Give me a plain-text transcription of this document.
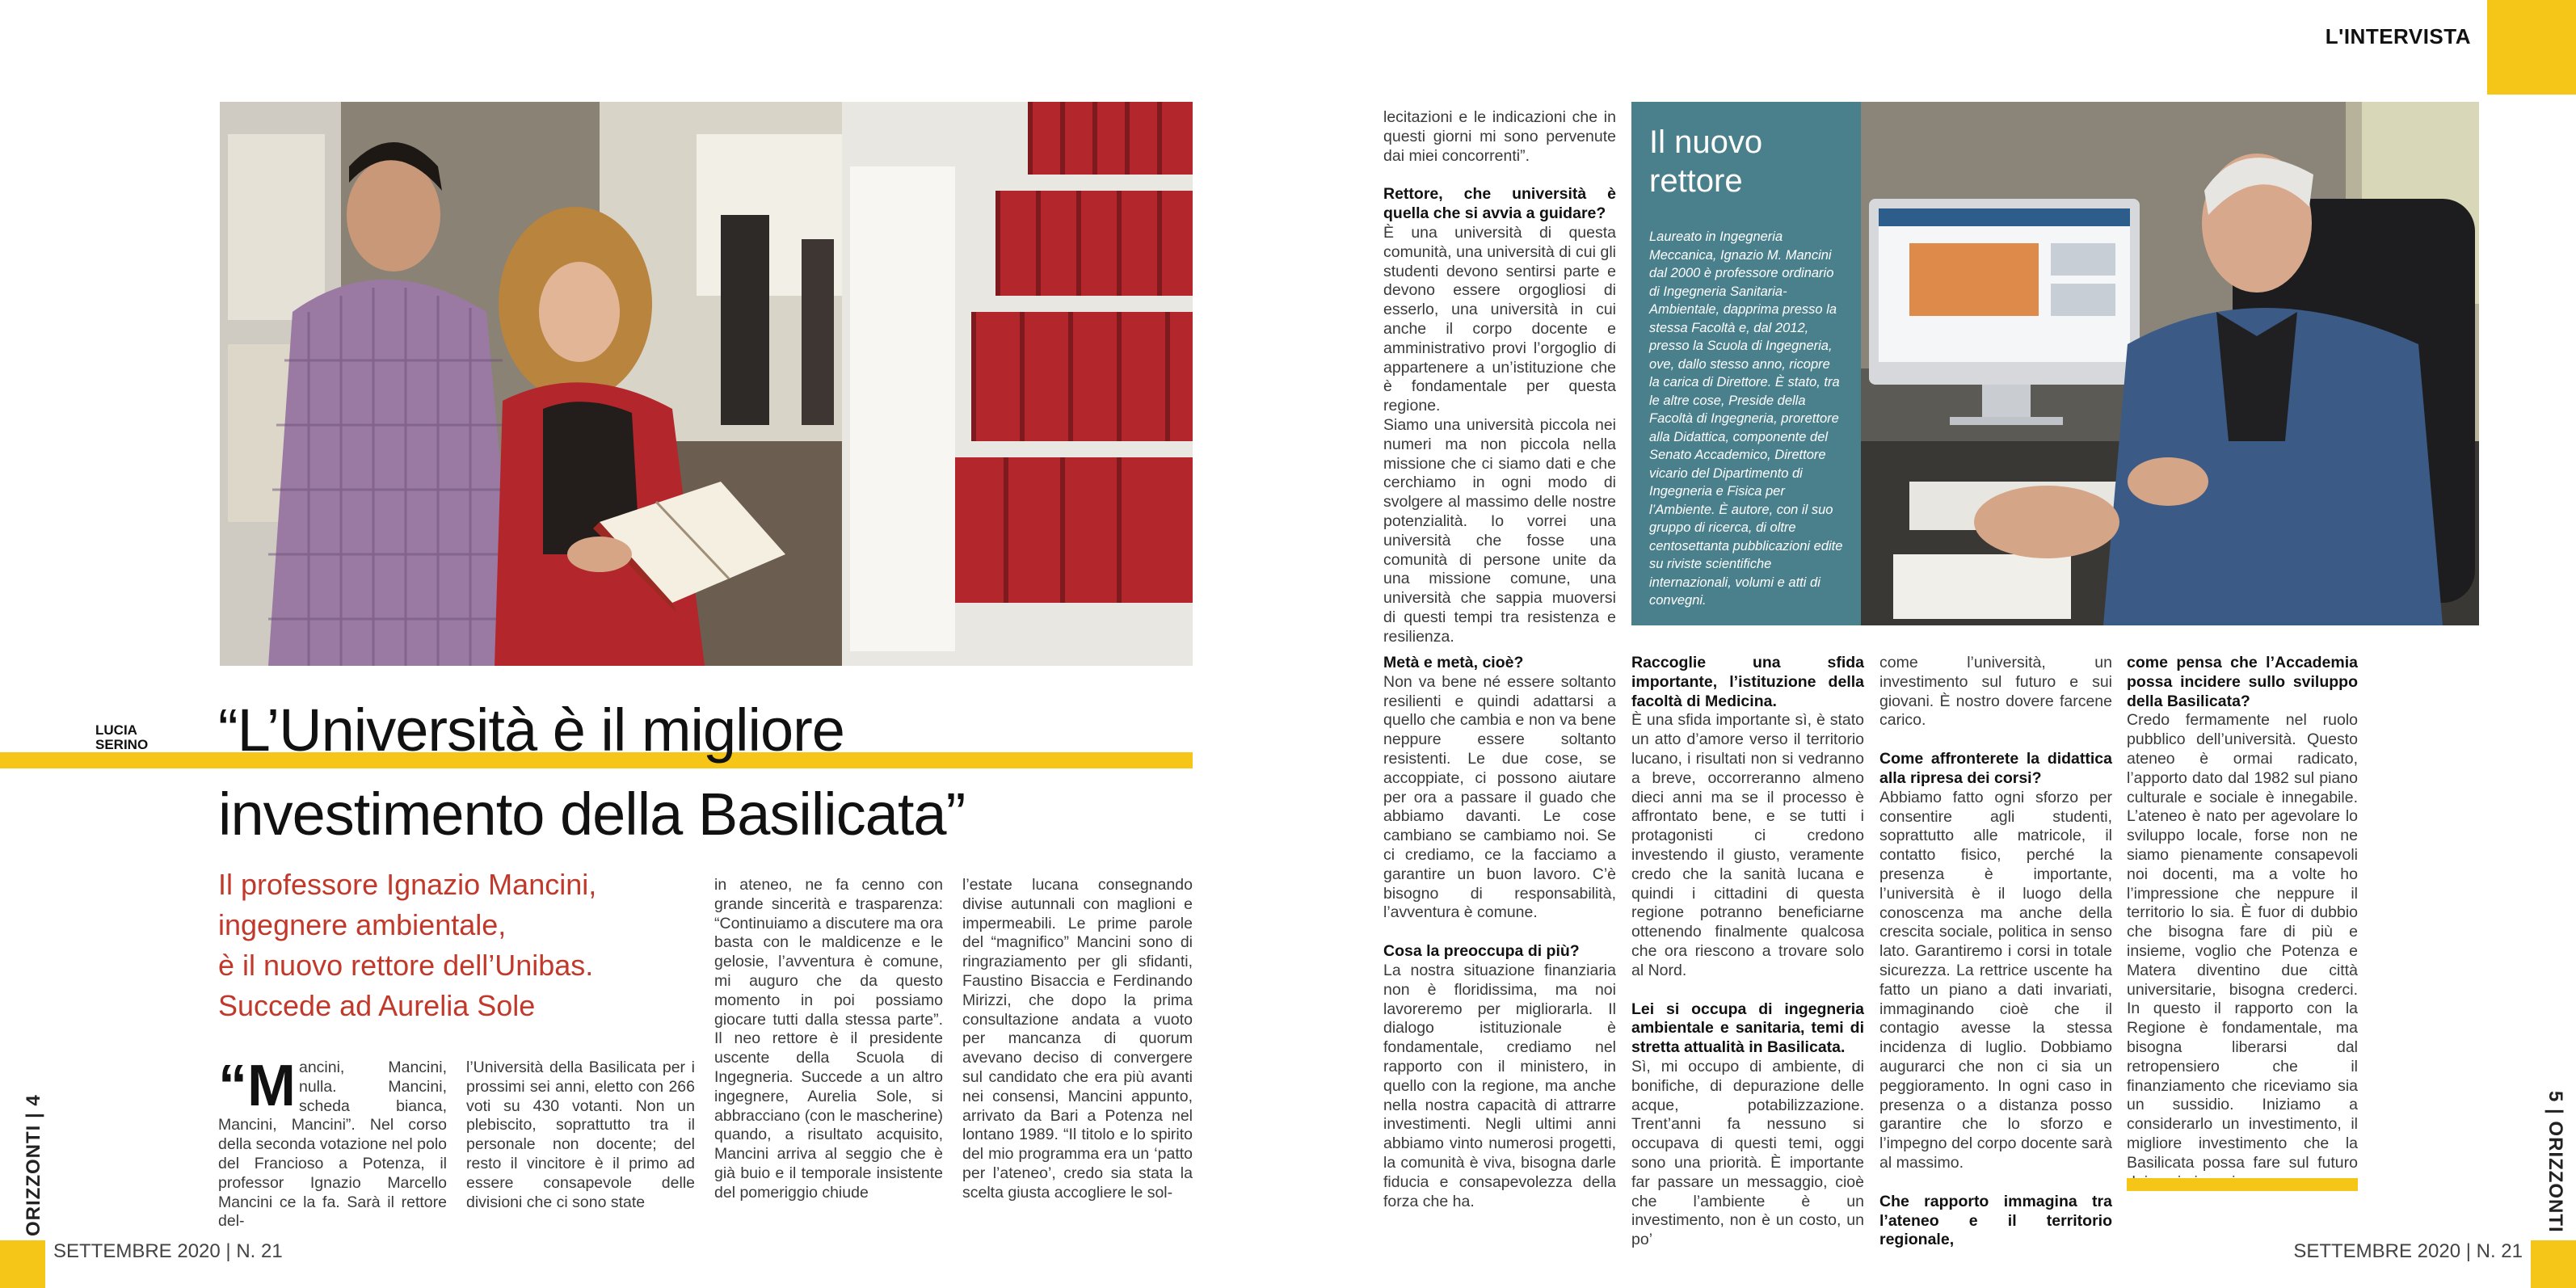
L'INTERVISTA
SETTEMBRE 2020 | N. 21	SETTEMBRE 2020 | N. 21
ORIZZONTI | 4	5 | ORIZZONTI
Il nuovo
rettore

Laureato in Ingegneria Meccanica, Ignazio M. Mancini dal 2000 è professore ordinario di Ingegneria Sanitaria-Ambientale, dapprima presso la stessa Facoltà e, dal 2012, presso la Scuola di Ingegneria, ove, dallo stesso anno, ricopre la carica di Direttore. È stato, tra le altre cose, Preside della Facoltà di Ingegneria, prorettore alla Didattica, componente del Senato Accademico, Direttore vicario del Dipartimento di Ingegneria e Fisica per l’Ambiente. È autore, con il suo gruppo di ricerca, di oltre centosettanta pubblicazioni edite su riviste scientifiche internazionali, volumi e atti di convegni.

LUCIA SERINO “L’Università è il migliore
investimento della Basilicata”
Il professore Ignazio Mancini,
ingegnere ambientale,
è il nuovo rettore dell’Unibas.
Succede ad Aurelia Sole
“M ancini, Mancini, nulla. Mancini, scheda bianca, Mancini, Mancini”. Nel corso della seconda votazione nel polo del Francioso a Potenza, il professor Ignazio Marcello Mancini ce la fa. Sarà il rettore del-
l’Università della Basilicata per i prossimi sei anni, eletto con 266 voti su 430 votanti. Non un plebiscito, soprattutto tra il personale non docente; del resto il vincitore è il primo ad essere consapevole delle divisioni che ci sono state
in ateneo, ne fa cenno con grande sincerità e trasparenza: “Continuiamo a discutere ma ora basta con le maldicenze e le gelosie, l’avventura è comune, mi auguro che da questo momento in poi possiamo giocare tutti dalla stessa parte”. Il neo rettore è il presidente uscente della Scuola di Ingegneria. Succede a un altro ingegnere, Aurelia Sole, si abbracciano (con le mascherine) quando, a risultato acquisito, Mancini arriva al seggio che è già buio e il temporale insistente del pomeriggio chiude
l’estate lucana consegnando divise autunnali con maglioni e impermeabili. Le prime parole del “magnifico” Mancini sono di ringraziamento per gli sfidanti, Faustino Bisaccia e Ferdinando Mirizzi, che dopo la prima consultazione andata a vuoto per mancanza di quorum avevano deciso di convergere sul candidato che era più avanti nei consensi, Mancini appunto, arrivato da Bari a Potenza nel lontano 1989. “Il titolo e lo spirito del mio programma era un ‘patto per l’ateneo’, credo sia stata la scelta giusta accogliere le sol-

lecitazioni e le indicazioni che in questi giorni mi sono pervenute dai miei concorrenti”.

Rettore, che università è quella che si avvia a guidare?

È una università di questa comunità, una università di cui gli studenti devono sentirsi parte e devono essere orgogliosi di esserlo, una università in cui anche il corpo docente e amministrativo provi l’orgoglio di appartenere a un’istituzione che è fondamentale per questa regione.

Siamo una università piccola nei numeri ma non piccola nella missione che ci siamo dati e che cerchiamo in ogni modo di svolgere al massimo delle nostre potenzialità. Io vorrei una università che fosse una comunità di persone unite da una missione comune, una università che sappia muoversi di questi tempi tra resistenza e resilienza.

Metà e metà, cioè?

Non va bene né essere soltanto resilienti e quindi adattarsi a quello che cambia e non va bene neppure essere soltanto resistenti. Le due cose, se accoppiate, ci possono aiutare per ora a passare il guado che abbiamo davanti. Le cose cambiano se cambiamo noi. Se ci crediamo, ce la facciamo a garantire un buon lavoro. C’è bisogno di responsabilità, l’avventura è comune.

Cosa la preoccupa di più?

La nostra situazione finanziaria non è floridissima, ma noi lavoreremo per migliorarla. Il dialogo istituzionale è fondamentale, crediamo nel rapporto con il ministero, in quello con la regione, ma anche nella nostra capacità di attrarre investimenti. Negli ultimi anni abbiamo vinto numerosi progetti, la comunità è viva, bisogna darle fiducia e consapevolezza della forza che ha.

Raccoglie una sfida importante, l’istituzione della facoltà di Medicina.

È una sfida importante sì, è stato un atto d’amore verso il territorio lucano, i risultati non si vedranno a breve, occorreranno almeno dieci anni ma se il processo è affrontato bene, e se tutti i protagonisti ci credono investendo il giusto, veramente credo che la sanità lucana e quindi i cittadini di questa regione potranno beneficiarne ottenendo finalmente qualcosa che ora riescono a trovare solo al Nord.

Lei si occupa di ingegneria ambientale e sanitaria, temi di stretta attualità in Basilicata.

Sì, mi occupo di ambiente, di bonifiche, di depurazione delle acque, potabilizzazione. Trent’anni fa nessuno si occupava di questi temi, oggi sono una priorità. È importante far passare un messaggio, cioè che l’ambiente è un investimento, non è un costo, un po’

come l’università, un investimento sul futuro e sui giovani. È nostro dovere farcene carico.

Come affronterete la didattica alla ripresa dei corsi?

Abbiamo fatto ogni sforzo per consentire agli studenti, soprattutto alle matricole, il contatto fisico, perché la presenza è importante, l’università è il luogo della conoscenza ma anche della crescita sociale, politica in senso lato. Garantiremo i corsi in totale sicurezza. La rettrice uscente ha fatto un piano a dati invariati, immaginando cioè che il contagio avesse la stessa incidenza di luglio. Dobbiamo augurarci che non ci sia un peggioramento. In ogni caso in presenza o a distanza posso garantire che lo sforzo e l’impegno del corpo docente sarà al massimo.

Che rapporto immagina tra l’ateneo e il territorio regionale,

come pensa che l’Accademia possa incidere sullo sviluppo della Basilicata?

Credo fermamente nel ruolo pubblico dell’università. Questo ateneo è ormai radicato, l’apporto dato dal 1982 sul piano culturale e sociale è innegabile. L’ateneo è nato per agevolare lo sviluppo locale, forse non ne siamo pienamente consapevoli noi docenti, ma a volte ho l’impressione che neppure il territorio lo sia. È fuor di dubbio che bisogna fare di più e insieme, voglio che Potenza e Matera diventino due città universitarie, bisogna crederci. In questo il rapporto con la Regione è fondamentale, ma bisogna liberarsi dal retropensiero che il finanziamento che riceviamo sia un sussidio. Iniziamo a considerarlo un investimento, il migliore investimento che la Basilicata possa fare sul futuro
